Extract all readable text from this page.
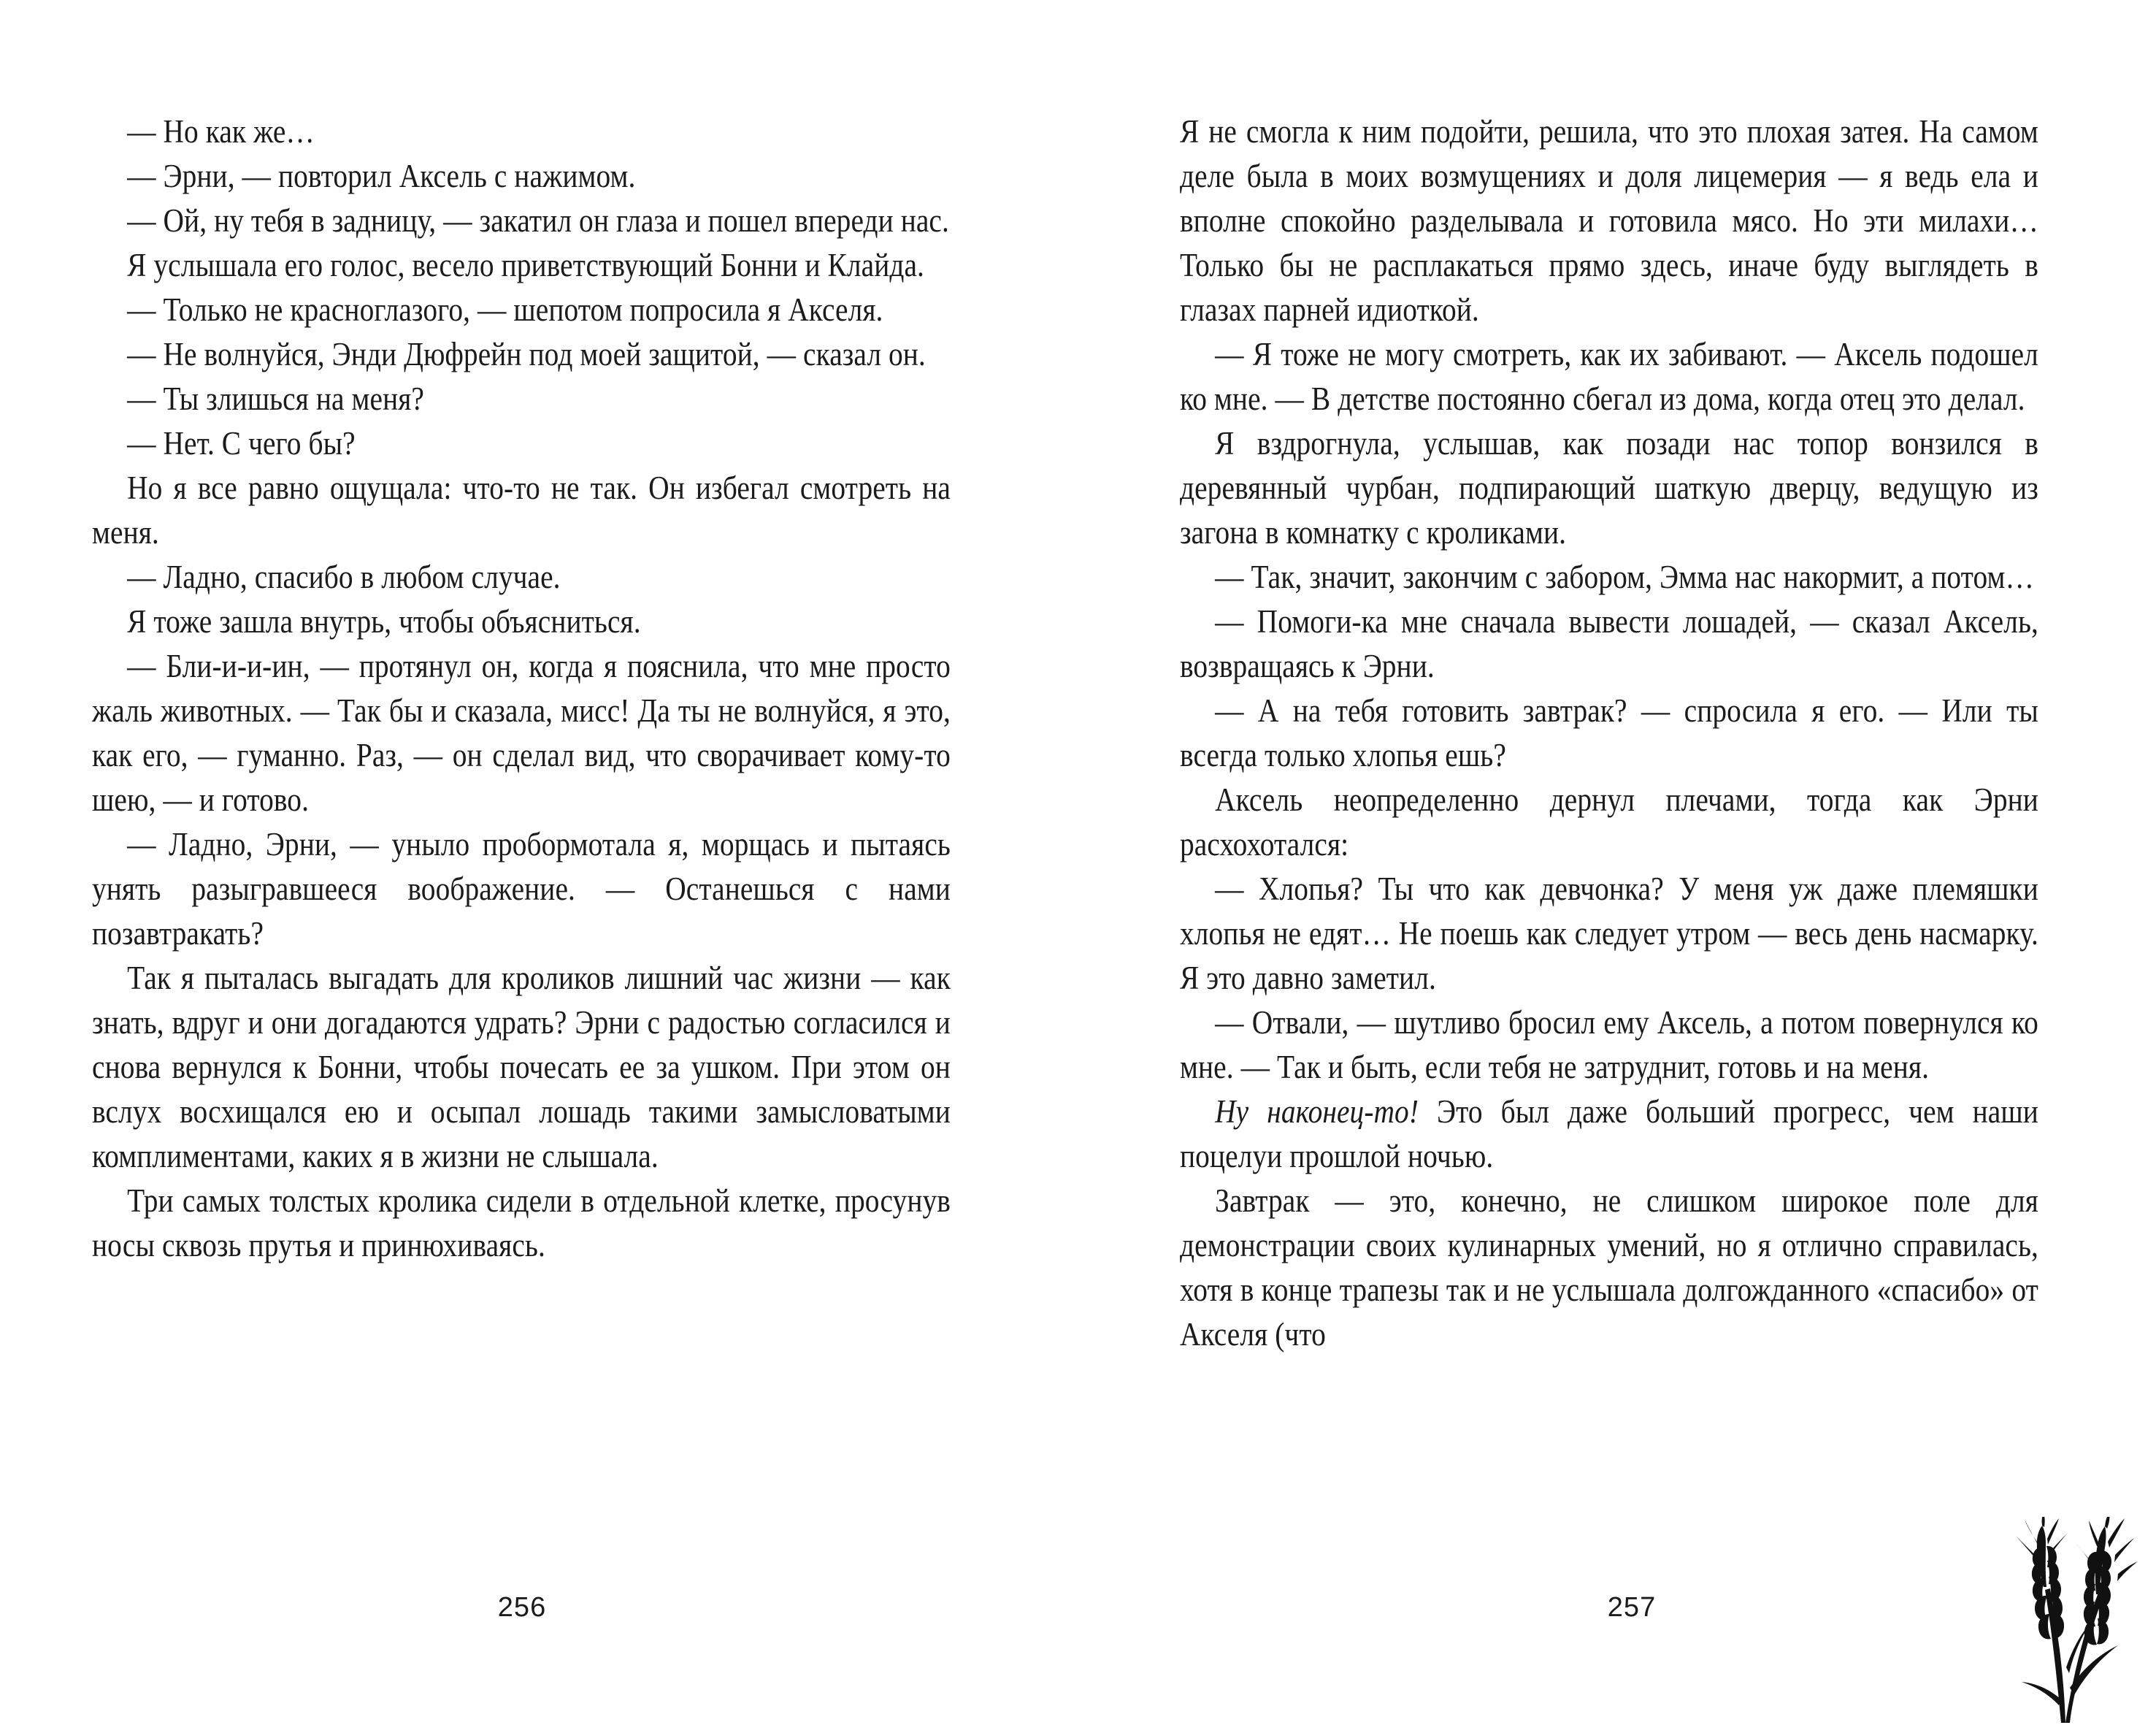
— Но как же…

— Эрни, — повторил Аксель с нажимом.

— Ой, ну тебя в задницу, — закатил он глаза и пошел впереди нас.

Я услышала его голос, весело приветствующий Бонни и Клайда.

— Только не красноглазого, — шепотом попросила я Акселя.

— Не волнуйся, Энди Дюфрейн под моей защитой, — сказал он.

— Ты злишься на меня?

— Нет. С чего бы?

Но я все равно ощущала: что-то не так. Он избегал смотреть на меня.

— Ладно, спасибо в любом случае.

Я тоже зашла внутрь, чтобы объясниться.

— Бли-и-и-ин, — протянул он, когда я пояснила, что мне просто жаль животных. — Так бы и сказала, мисс! Да ты не волнуйся, я это, как его, — гуманно. Раз, — он сделал вид, что сворачивает кому-то шею, — и готово.

— Ладно, Эрни, — уныло пробормотала я, морщась и пытаясь унять разыгравшееся воображение. — Останешься с нами позавтракать?

Так я пыталась выгадать для кроликов лишний час жизни — как знать, вдруг и они догадаются удрать? Эрни с радостью согласился и снова вернулся к Бонни, чтобы почесать ее за ушком. При этом он вслух восхищался ею и осыпал лошадь такими замысловатыми комплиментами, каких я в жизни не слышала.

Три самых толстых кролика сидели в отдельной клетке, просунув носы сквозь прутья и принюхиваясь.

256

Я не смогла к ним подойти, решила, что это плохая затея. На самом деле была в моих возмущениях и доля лицемерия — я ведь ела и вполне спокойно разделывала и готовила мясо. Но эти милахи… Только бы не расплакаться прямо здесь, иначе буду выглядеть в глазах парней идиоткой.

— Я тоже не могу смотреть, как их забивают. — Аксель подошел ко мне. — В детстве постоянно сбегал из дома, когда отец это делал.

Я вздрогнула, услышав, как позади нас топор вонзился в деревянный чурбан, подпирающий шаткую дверцу, ведущую из загона в комнатку с кроликами.

— Так, значит, закончим с забором, Эмма нас накормит, а потом…

— Помоги-ка мне сначала вывести лошадей, — сказал Аксель, возвращаясь к Эрни.

— А на тебя готовить завтрак? — спросила я его. — Или ты всегда только хлопья ешь?

Аксель неопределенно дернул плечами, тогда как Эрни расхохотался:

— Хлопья? Ты что как девчонка? У меня уж даже племяшки хлопья не едят… Не поешь как следует утром — весь день насмарку. Я это давно заметил.

— Отвали, — шутливо бросил ему Аксель, а потом повернулся ко мне. — Так и быть, если тебя не затруднит, готовь и на меня.

Ну наконец-то! Это был даже больший прогресс, чем наши поцелуи прошлой ночью.

Завтрак — это, конечно, не слишком широкое поле для демонстрации своих кулинарных умений, но я отлично справилась, хотя в конце трапезы так и не услышала долгожданного «спасибо» от Акселя (что

257
